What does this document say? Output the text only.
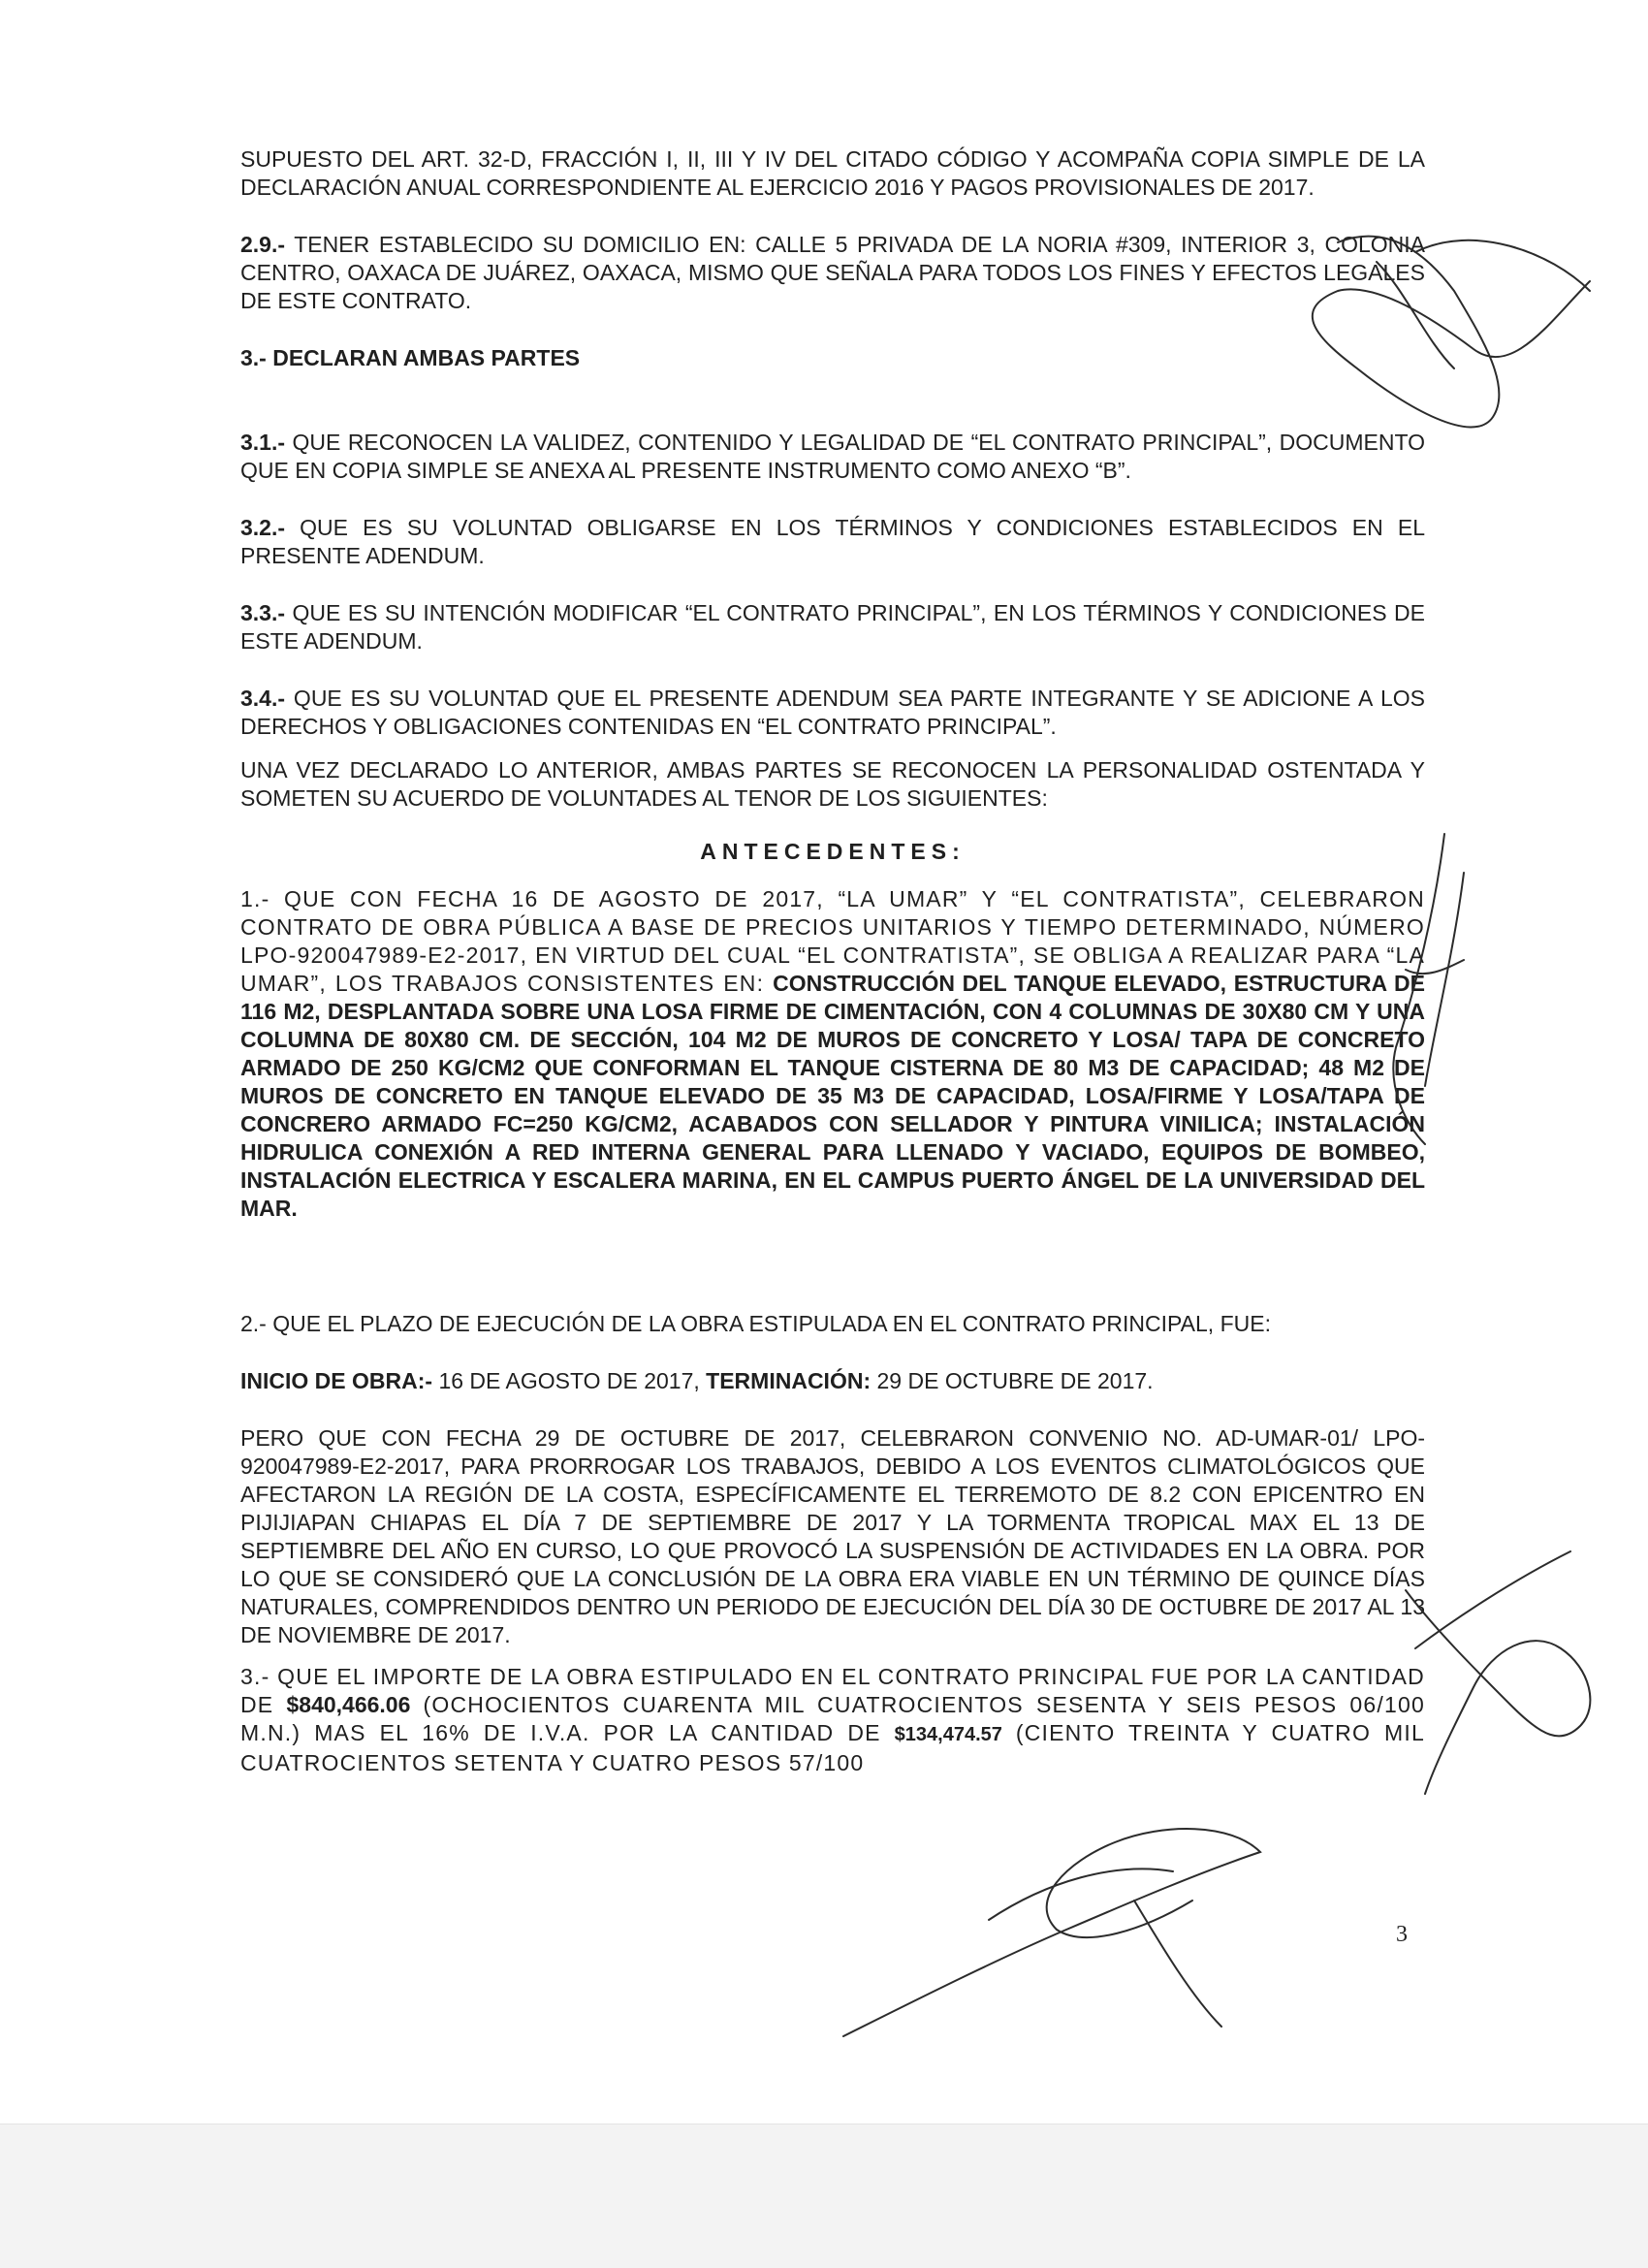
SUPUESTO DEL ART. 32-D, FRACCIÓN I, II, III Y IV DEL CITADO CÓDIGO Y ACOMPAÑA COPIA SIMPLE DE LA DECLARACIÓN ANUAL CORRESPONDIENTE AL EJERCICIO 2016 Y PAGOS PROVISIONALES DE 2017.

2.9.- TENER ESTABLECIDO SU DOMICILIO EN: CALLE 5 PRIVADA DE LA NORIA #309, INTERIOR 3, COLONIA CENTRO, OAXACA DE JUÁREZ, OAXACA, MISMO QUE SEÑALA PARA TODOS LOS FINES Y EFECTOS LEGALES DE ESTE CONTRATO.

3.- DECLARAN AMBAS PARTES

3.1.- QUE RECONOCEN LA VALIDEZ, CONTENIDO Y LEGALIDAD DE “EL CONTRATO PRINCIPAL”, DOCUMENTO QUE EN COPIA SIMPLE SE ANEXA AL PRESENTE INSTRUMENTO COMO ANEXO “B”.

3.2.- QUE ES SU VOLUNTAD OBLIGARSE EN LOS TÉRMINOS Y CONDICIONES ESTABLECIDOS EN EL PRESENTE ADENDUM.

3.3.- QUE ES SU INTENCIÓN MODIFICAR “EL CONTRATO PRINCIPAL”, EN LOS TÉRMINOS Y CONDICIONES DE ESTE ADENDUM.

3.4.- QUE ES SU VOLUNTAD QUE EL PRESENTE ADENDUM SEA PARTE INTEGRANTE Y SE ADICIONE A LOS DERECHOS Y OBLIGACIONES CONTENIDAS EN “EL CONTRATO PRINCIPAL”.

UNA VEZ DECLARADO LO ANTERIOR, AMBAS PARTES SE RECONOCEN LA PERSONALIDAD OSTENTADA Y SOMETEN SU ACUERDO DE VOLUNTADES AL TENOR DE LOS SIGUIENTES:

ANTECEDENTES:

1.- QUE CON FECHA 16 DE AGOSTO DE 2017, “LA UMAR” Y “EL CONTRATISTA”, CELEBRARON CONTRATO DE OBRA PÚBLICA A BASE DE PRECIOS UNITARIOS Y TIEMPO DETERMINADO, NÚMERO LPO-920047989-E2-2017, EN VIRTUD DEL CUAL “EL CONTRATISTA”, SE OBLIGA A REALIZAR PARA “LA UMAR”, LOS TRABAJOS CONSISTENTES EN: CONSTRUCCIÓN DEL TANQUE ELEVADO, ESTRUCTURA DE 116 M2, DESPLANTADA SOBRE UNA LOSA FIRME DE CIMENTACIÓN, CON 4 COLUMNAS DE 30X80 CM Y UNA COLUMNA DE 80X80 CM. DE SECCIÓN, 104 M2 DE MUROS DE CONCRETO Y LOSA/ TAPA DE CONCRETO ARMADO DE 250 KG/CM2 QUE CONFORMAN EL TANQUE CISTERNA DE 80 M3 DE CAPACIDAD; 48 M2 DE MUROS DE CONCRETO EN TANQUE ELEVADO DE 35 M3 DE CAPACIDAD, LOSA/FIRME Y LOSA/TAPA DE CONCRERO ARMADO FC=250 KG/CM2, ACABADOS CON SELLADOR Y PINTURA VINILICA; INSTALACIÓN HIDRULICA CONEXIÓN A RED INTERNA GENERAL PARA LLENADO Y VACIADO, EQUIPOS DE BOMBEO, INSTALACIÓN ELECTRICA Y ESCALERA MARINA, EN EL CAMPUS PUERTO ÁNGEL DE LA UNIVERSIDAD DEL MAR.

2.- QUE EL PLAZO DE EJECUCIÓN DE LA OBRA ESTIPULADA EN EL CONTRATO PRINCIPAL, FUE:

INICIO DE OBRA:- 16 DE AGOSTO DE 2017, TERMINACIÓN: 29 DE OCTUBRE DE 2017.

PERO QUE CON FECHA 29 DE OCTUBRE DE 2017, CELEBRARON CONVENIO NO. AD-UMAR-01/ LPO-920047989-E2-2017, PARA PRORROGAR LOS TRABAJOS, DEBIDO A LOS EVENTOS CLIMATOLÓGICOS QUE AFECTARON LA REGIÓN DE LA COSTA, ESPECÍFICAMENTE EL TERREMOTO DE 8.2 CON EPICENTRO EN PIJIJIAPAN CHIAPAS EL DÍA 7 DE SEPTIEMBRE DE 2017 Y LA TORMENTA TROPICAL MAX EL 13 DE SEPTIEMBRE DEL AÑO EN CURSO, LO QUE PROVOCÓ LA SUSPENSIÓN DE ACTIVIDADES EN LA OBRA. POR LO QUE SE CONSIDERÓ QUE LA CONCLUSIÓN DE LA OBRA ERA VIABLE EN UN TÉRMINO DE QUINCE DÍAS NATURALES, COMPRENDIDOS DENTRO UN PERIODO DE EJECUCIÓN DEL DÍA 30 DE OCTUBRE DE 2017 AL 13 DE NOVIEMBRE DE 2017.

3.- QUE EL IMPORTE DE LA OBRA ESTIPULADO EN EL CONTRATO PRINCIPAL FUE POR LA CANTIDAD DE $840,466.06 (OCHOCIENTOS CUARENTA MIL CUATROCIENTOS SESENTA Y SEIS PESOS 06/100 M.N.) MAS EL 16% DE I.V.A. POR LA CANTIDAD DE $134,474.57 (CIENTO TREINTA Y CUATRO MIL CUATROCIENTOS SETENTA Y CUATRO PESOS 57/100

3
